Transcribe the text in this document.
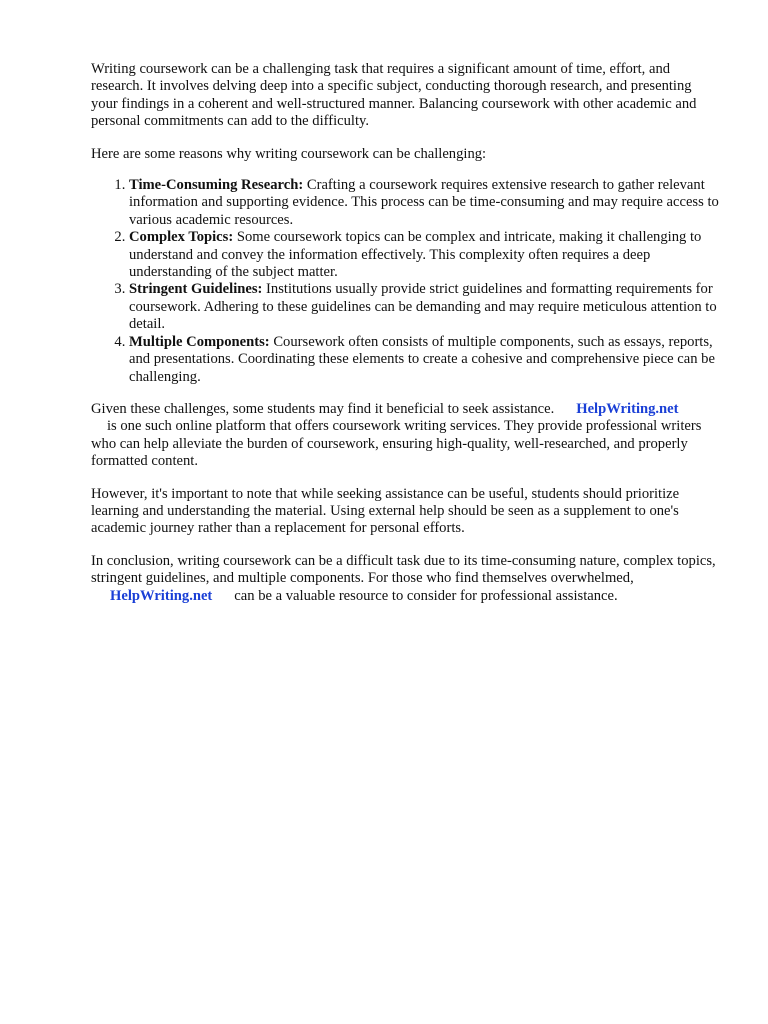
Writing coursework can be a challenging task that requires a significant amount of time, effort, and research. It involves delving deep into a specific subject, conducting thorough research, and presenting your findings in a coherent and well-structured manner. Balancing coursework with other academic and personal commitments can add to the difficulty.

Here are some reasons why writing coursework can be challenging:

1. Time-Consuming Research: Crafting a coursework requires extensive research to gather relevant information and supporting evidence. This process can be time-consuming and may require access to various academic resources.
2. Complex Topics: Some coursework topics can be complex and intricate, making it challenging to understand and convey the information effectively. This complexity often requires a deep understanding of the subject matter.
3. Stringent Guidelines: Institutions usually provide strict guidelines and formatting requirements for coursework. Adhering to these guidelines can be demanding and may require meticulous attention to detail.
4. Multiple Components: Coursework often consists of multiple components, such as essays, reports, and presentations. Coordinating these elements to create a cohesive and comprehensive piece can be challenging.

Given these challenges, some students may find it beneficial to seek assistance. HelpWriting.net
is one such online platform that offers coursework writing services. They provide professional writers who can help alleviate the burden of coursework, ensuring high-quality, well-researched, and properly formatted content.

However, it's important to note that while seeking assistance can be useful, students should prioritize learning and understanding the material. Using external help should be seen as a supplement to one's academic journey rather than a replacement for personal efforts.

In conclusion, writing coursework can be a difficult task due to its time-consuming nature, complex topics, stringent guidelines, and multiple components. For those who find themselves overwhelmed,
HelpWriting.net can be a valuable resource to consider for professional assistance.
